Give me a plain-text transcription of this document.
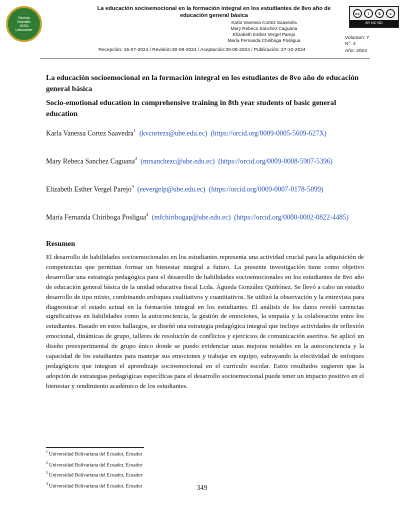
Revista
Scientific
-ISSN-
Latinoamer
La educación socioemocional en la formación integral en los estudiantes de 8vo año de educación general básica
Karla Vanessa Cortez Saavedra
Mary Rebeca Sanchez Caguana
Elizabeth Esther Vergel Parejo
María Fernanda Chiriboga Posligua
cc	i	$	=
BY NC ND
Volumen: 7
N°. 4
Año: 2024
Recepción: 15-07-2024 / Revisión:30-09-2024 / Aceptación:30-09-2024 / Publicación: 27-10-2024
La educación socioemocional en la formación integral en los estudiantes de 8vo año de educación general básica
Socio-emotional education in comprehensive training in 8th year students of basic general education
Karla Vanessa Cortez Saavedra$^1$ (kvcortezs@ube.edu.ec) (https://orcid.org/0009-0005-5609-627X)
Mary Rebeca Sanchez Caguana$^2$ (mrsanchezc@ube.edu.ec) (https://orcid.org/0009-0008-5907-5396)
Elizabeth Esther Vergel Parejo$^3$ (eevergelp@ube.edu.ec) (https://orcid.org/0009-0007-0178-5099)
María Fernanda Chiriboga Posligua$^4$ (mfchiribogap@ube.edu.ec) (https://orcid.org/0000-0002-0822-4485)
Resumen
El desarrollo de habilidades socioemocionales en los estudiantes representa una actividad crucial para la adquisición de competencias que permitan formar un bienestar integral a futuro. La presente investigación tiene como objetivo desarrollar una estrategia pedagógica para el desarrollo de habilidades socioemocionales en los estudiantes de 8vo año de educación general básica de la unidad educativa fiscal Lcda. Águeda González Quiñónez. Se llevó a cabo un estudio desarrollo de tipo mixto, combinando enfoques cualitativos y cuantitativos. Se utilizó la observación y la entrevista para diagnosticar el estado actual en la formación integral en los estudiantes. El análisis de los datos reveló carencias significativas en habilidades como la autoconciencia, la gestión de emociones, la empatía y la colaboración entre los estudiantes. Basado en estos hallazgos, se diseñó una estrategia pedagógica integral que incluye actividades de reflexión emocional, dinámicas de grupo, talleres de resolución de conflictos y ejercicios de comunicación asertiva. Se aplicó un diseño preexperimental de grupo único donde se puedo evidenciar unas mejoras notables en la autoconciencia y la capacidad de los estudiantes para manejar sus emociones y trabajar en equipo, subrayando la efectividad de enfoques pedagógicos que integran el aprendizaje socioemocional en el currículo escolar. Estos resultados sugieren que la adopción de estrategias pedagógicas específicas para el desarrollo socioemocional puede tener un impacto positivo en el bienestar y rendimiento académico de los estudiantes.
$^1$ Universidad Bolivariana del Ecuador, Ecuador
$^2$ Universidad Bolivariana del Ecuador, Ecuador
$^3$ Universidad Bolivariana del Ecuador, Ecuador
$^4$ Universidad Bolivariana del Ecuador, Ecuador	349
